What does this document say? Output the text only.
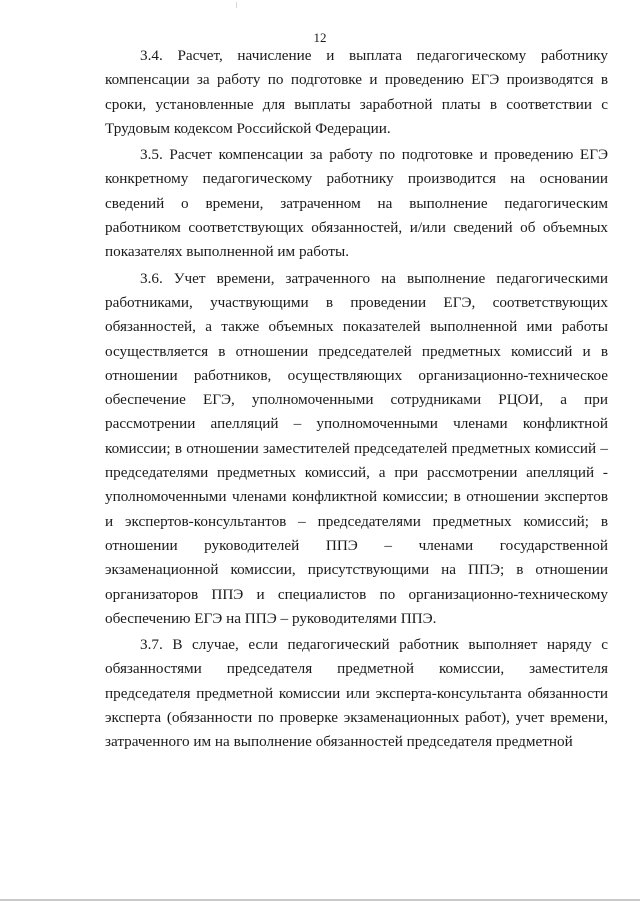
12

3.4. Расчет, начисление и выплата педагогическому работнику компенсации за работу по подготовке и проведению ЕГЭ производятся в сроки, установленные для выплаты заработной платы в соответствии с Трудовым кодексом Российской Федерации.

3.5. Расчет компенсации за работу по подготовке и проведению ЕГЭ конкретному педагогическому работнику производится на основании сведений о времени, затраченном на выполнение педагогическим работником соответствующих обязанностей, и/или сведений об объемных показателях выполненной им работы.

3.6. Учет времени, затраченного на выполнение педагогическими работниками, участвующими в проведении ЕГЭ, соответствующих обязанностей, а также объемных показателей выполненной ими работы осуществляется в отношении председателей предметных комиссий и в отношении работников, осуществляющих организационно-техническое обеспечение ЕГЭ, уполномоченными сотрудниками РЦОИ, а при рассмотрении апелляций – уполномоченными членами конфликтной комиссии; в отношении заместителей председателей предметных комиссий – председателями предметных комиссий, а при рассмотрении апелляций - уполномоченными членами конфликтной комиссии; в отношении экспертов и экспертов-консультантов – председателями предметных комиссий; в отношении руководителей ППЭ – членами государственной экзаменационной комиссии, присутствующими на ППЭ; в отношении организаторов ППЭ и специалистов по организационно-техническому обеспечению ЕГЭ на ППЭ – руководителями ППЭ.

3.7. В случае, если педагогический работник выполняет наряду с обязанностями председателя предметной комиссии, заместителя председателя предметной комиссии или эксперта-консультанта обязанности эксперта (обязанности по проверке экзаменационных работ), учет времени, затраченного им на выполнение обязанностей председателя предметной
